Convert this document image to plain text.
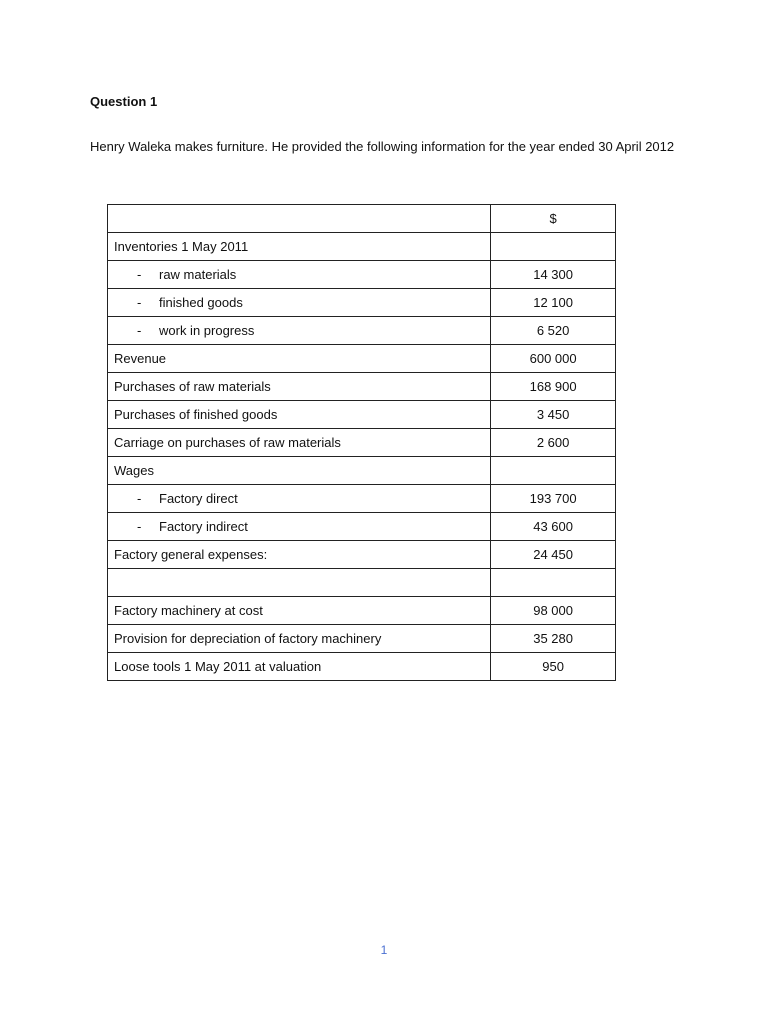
Question 1

Henry Waleka makes furniture. He provided the following information for the year ended 30 April 2012

	$
Inventories 1 May 2011	

- raw materials	14 300

- finished goods	12 100

- work in progress	6 520
Revenue	600 000
Purchases of raw materials	168 900
Purchases of finished goods	3 450
Carriage on purchases of raw materials	2 600
Wages	

- Factory direct	193 700

- Factory indirect	43 600
Factory general expenses:	24 450

Factory machinery at cost	98 000
Provision for depreciation of factory machinery	35 280
Loose tools 1 May 2011 at valuation	950
1
